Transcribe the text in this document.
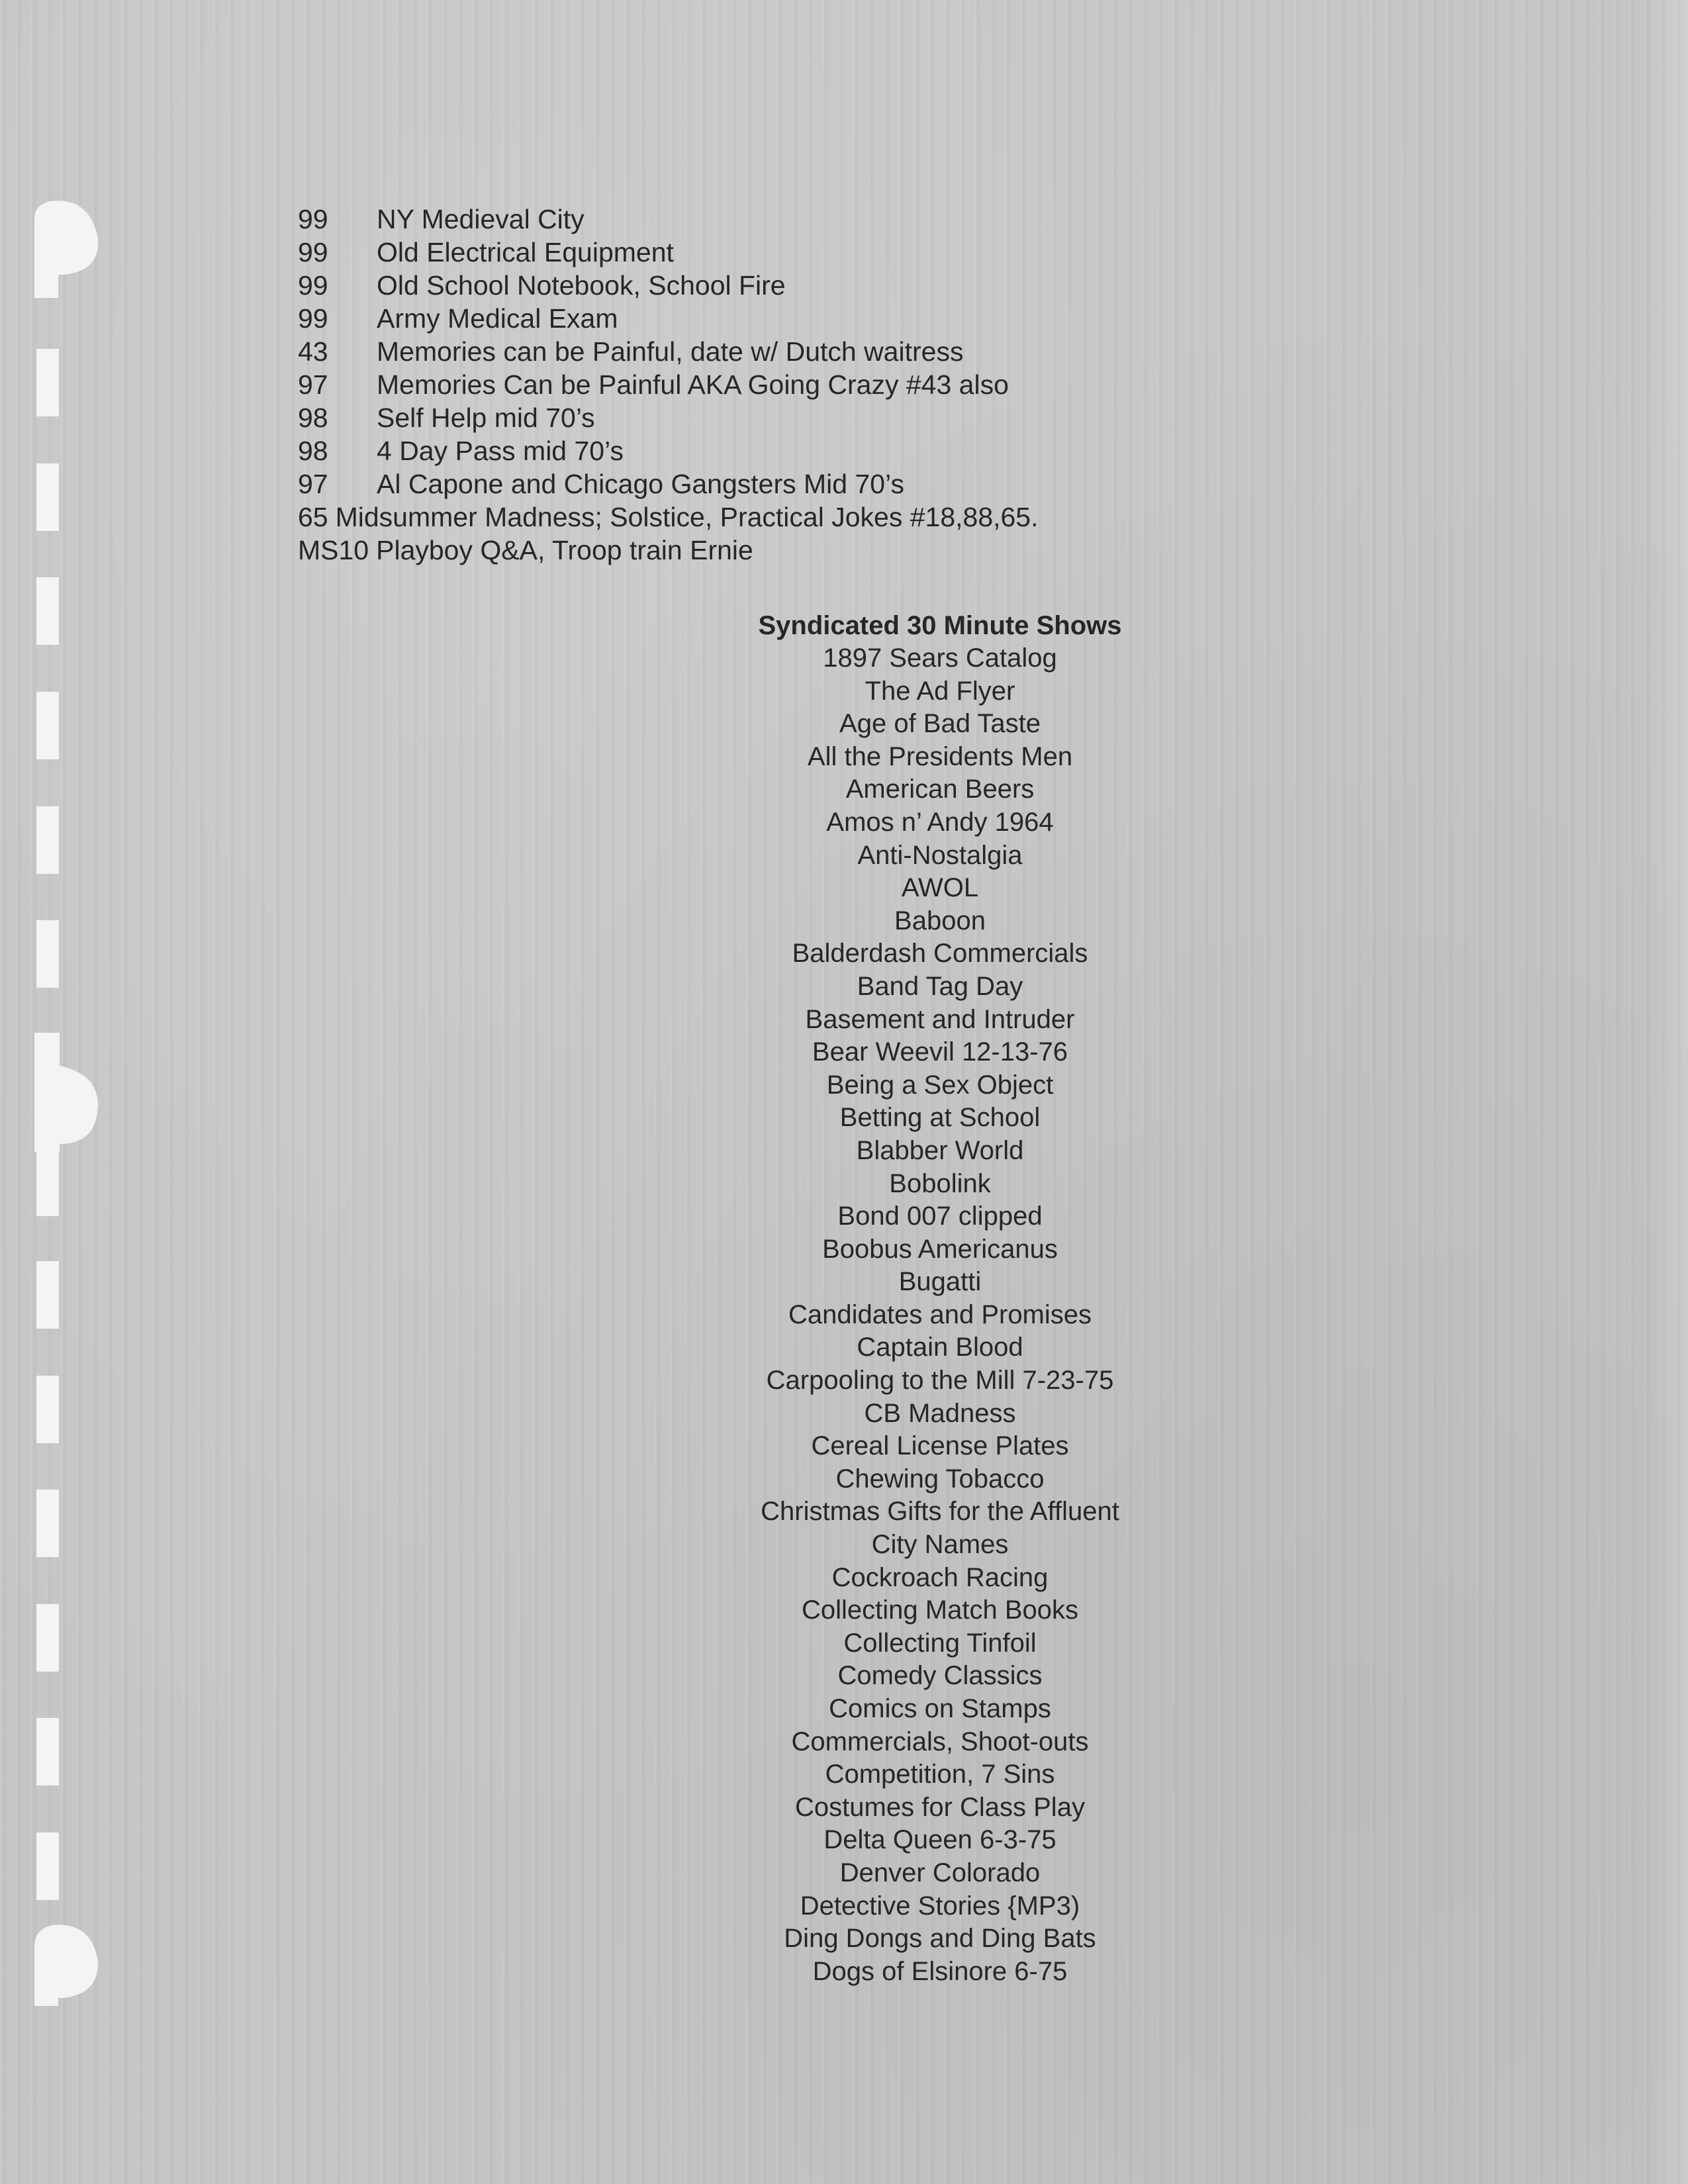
99 NY Medieval City
99 Old Electrical Equipment
99 Old School Notebook, School Fire
99 Army Medical Exam
43 Memories can be Painful, date w/ Dutch waitress
97 Memories Can be Painful AKA Going Crazy #43 also
98 Self Help mid 70’s
98 4 Day Pass mid 70’s
97 Al Capone and Chicago Gangsters Mid 70’s
65 Midsummer Madness; Solstice, Practical Jokes #18,88,65.
MS10 Playboy Q&A, Troop train Ernie
Syndicated 30 Minute Shows
1897 Sears Catalog
The Ad Flyer
Age of Bad Taste
All the Presidents Men
American Beers
Amos n’ Andy 1964
Anti-Nostalgia
AWOL
Baboon
Balderdash Commercials
Band Tag Day
Basement and Intruder
Bear Weevil 12-13-76
Being a Sex Object
Betting at School
Blabber World
Bobolink
Bond 007 clipped
Boobus Americanus
Bugatti
Candidates and Promises
Captain Blood
Carpooling to the Mill 7-23-75
CB Madness
Cereal License Plates
Chewing Tobacco
Christmas Gifts for the Affluent
City Names
Cockroach Racing
Collecting Match Books
Collecting Tinfoil
Comedy Classics
Comics on Stamps
Commercials, Shoot-outs
Competition, 7 Sins
Costumes for Class Play
Delta Queen 6-3-75
Denver Colorado
Detective Stories {MP3)
Ding Dongs and Ding Bats
Dogs of Elsinore 6-75
